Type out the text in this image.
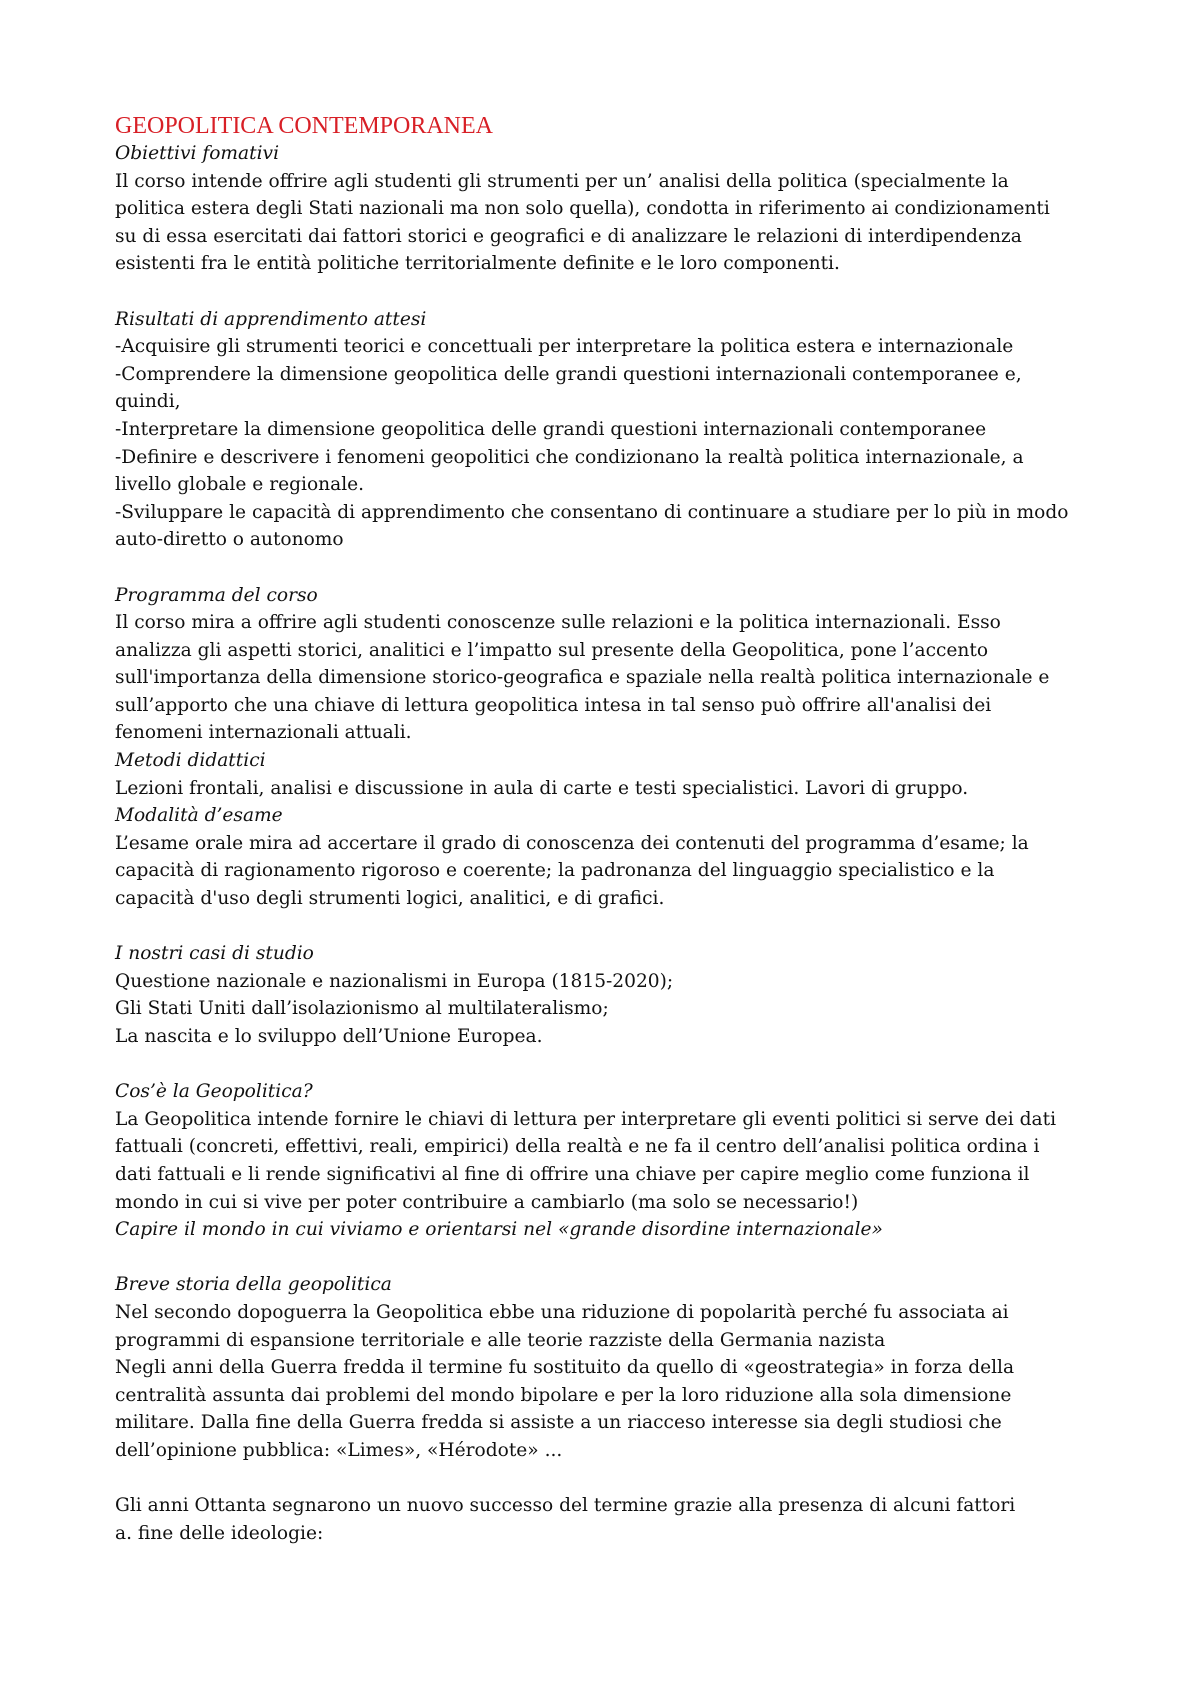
GEOPOLITICA CONTEMPORANEA

Obiettivi fomativi

Il corso intende offrire agli studenti gli strumenti per un’ analisi della politica (specialmente la
politica estera degli Stati nazionali ma non solo quella), condotta in riferimento ai condizionamenti
su di essa esercitati dai fattori storici e geografici e di analizzare le relazioni di interdipendenza
esistenti fra le entità politiche territorialmente definite e le loro componenti.

Risultati di apprendimento attesi

-Acquisire gli strumenti teorici e concettuali per interpretare la politica estera e internazionale
-Comprendere la dimensione geopolitica delle grandi questioni internazionali contemporanee e,
quindi,
-Interpretare la dimensione geopolitica delle grandi questioni internazionali contemporanee
-Definire e descrivere i fenomeni geopolitici che condizionano la realtà politica internazionale, a
livello globale e regionale.
-Sviluppare le capacità di apprendimento che consentano di continuare a studiare per lo più in modo
auto-diretto o autonomo

Programma del corso

Il corso mira a offrire agli studenti conoscenze sulle relazioni e la politica internazionali. Esso
analizza gli aspetti storici, analitici e l’impatto sul presente della Geopolitica, pone l’accento
sull'importanza della dimensione storico-geografica e spaziale nella realtà politica internazionale e
sull’apporto che una chiave di lettura geopolitica intesa in tal senso può offrire all'analisi dei
fenomeni internazionali attuali.

Metodi didattici

Lezioni frontali, analisi e discussione in aula di carte e testi specialistici. Lavori di gruppo.

Modalità d’esame

L’esame orale mira ad accertare il grado di conoscenza dei contenuti del programma d’esame; la
capacità di ragionamento rigoroso e coerente; la padronanza del linguaggio specialistico e la
capacità d'uso degli strumenti logici, analitici, e di grafici.

I nostri casi di studio

Questione nazionale e nazionalismi in Europa (1815-2020);
Gli Stati Uniti dall’isolazionismo al multilateralismo;
La nascita e lo sviluppo dell’Unione Europea.

Cos’è la Geopolitica?

La Geopolitica intende fornire le chiavi di lettura per interpretare gli eventi politici si serve dei dati
fattuali (concreti, effettivi, reali, empirici) della realtà e ne fa il centro dell’analisi politica ordina i
dati fattuali e li rende significativi al fine di offrire una chiave per capire meglio come funziona il
mondo in cui si vive per poter contribuire a cambiarlo (ma solo se necessario!)
Capire il mondo in cui viviamo e orientarsi nel «grande disordine internazionale»

Breve storia della geopolitica

Nel secondo dopoguerra la Geopolitica ebbe una riduzione di popolarità perché fu associata ai
programmi di espansione territoriale e alle teorie razziste della Germania nazista
Negli anni della Guerra fredda il termine fu sostituito da quello di «geostrategia» in forza della
centralità assunta dai problemi del mondo bipolare e per la loro riduzione alla sola dimensione
militare. Dalla fine della Guerra fredda si assiste a un riacceso interesse sia degli studiosi che
dell’opinione pubblica: «Limes», «Hérodote» ...

Gli anni Ottanta segnarono un nuovo successo del termine grazie alla presenza di alcuni fattori
a. fine delle ideologie:
